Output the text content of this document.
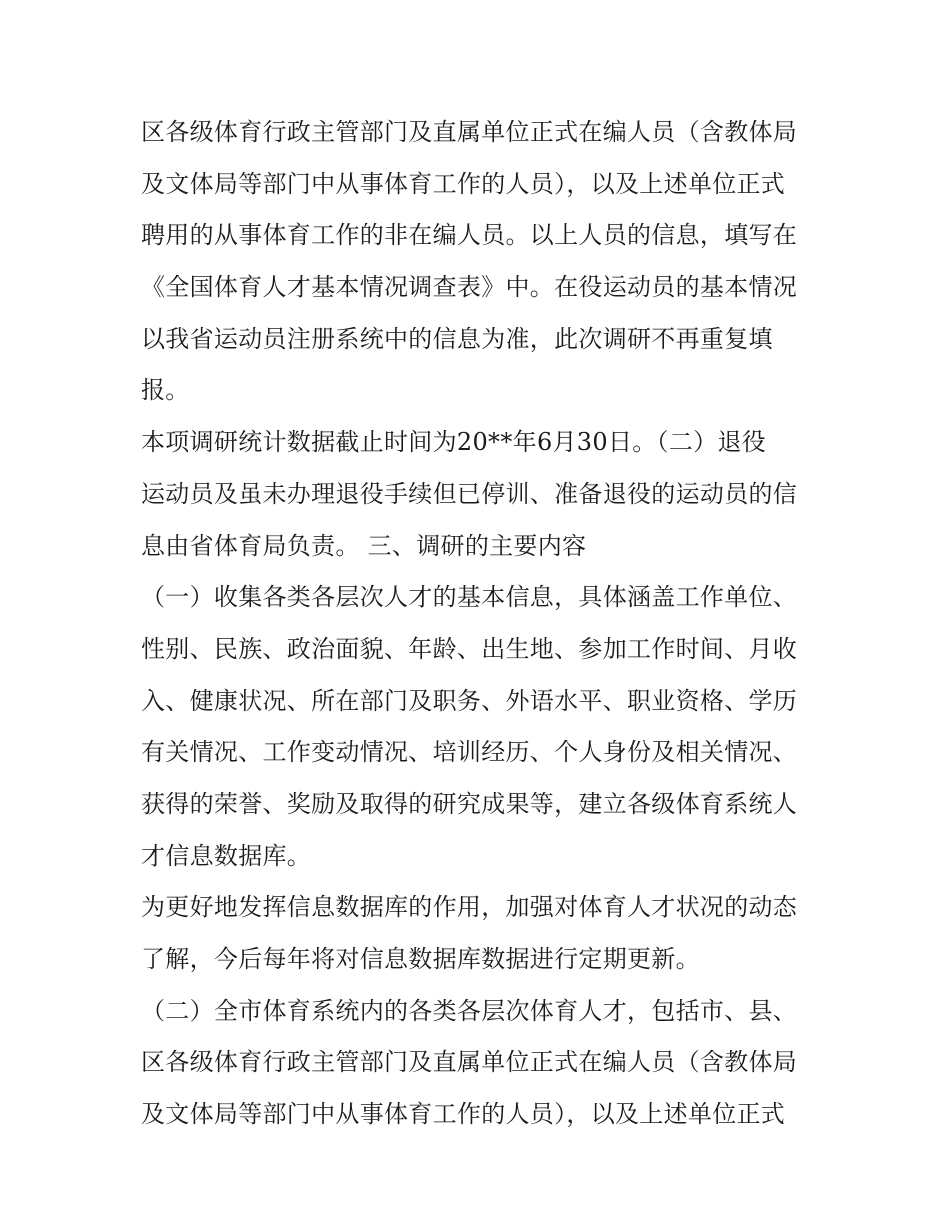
区各级体育行政主管部门及直属单位正式在编人员（含教体局
及文体局等部门中从事体育工作的人员），以及上述单位正式
聘用的从事体育工作的非在编人员。以上人员的信息，填写在
《全国体育人才基本情况调查表》中。在役运动员的基本情况
以我省运动员注册系统中的信息为准，此次调研不再重复填
报。
本项调研统计数据截止时间为20**年6月30日。（二）退役
运动员及虽未办理退役手续但已停训、准备退役的运动员的信
息由省体育局负责。 三、调研的主要内容
（一）收集各类各层次人才的基本信息，具体涵盖工作单位、
性别、民族、政治面貌、年龄、出生地、参加工作时间、月收
入、健康状况、所在部门及职务、外语水平、职业资格、学历
有关情况、工作变动情况、培训经历、个人身份及相关情况、
获得的荣誉、奖励及取得的研究成果等，建立各级体育系统人
才信息数据库。
为更好地发挥信息数据库的作用，加强对体育人才状况的动态
了解，今后每年将对信息数据库数据进行定期更新。
（二）全市体育系统内的各类各层次体育人才，包括市、县、
区各级体育行政主管部门及直属单位正式在编人员（含教体局
及文体局等部门中从事体育工作的人员），以及上述单位正式
